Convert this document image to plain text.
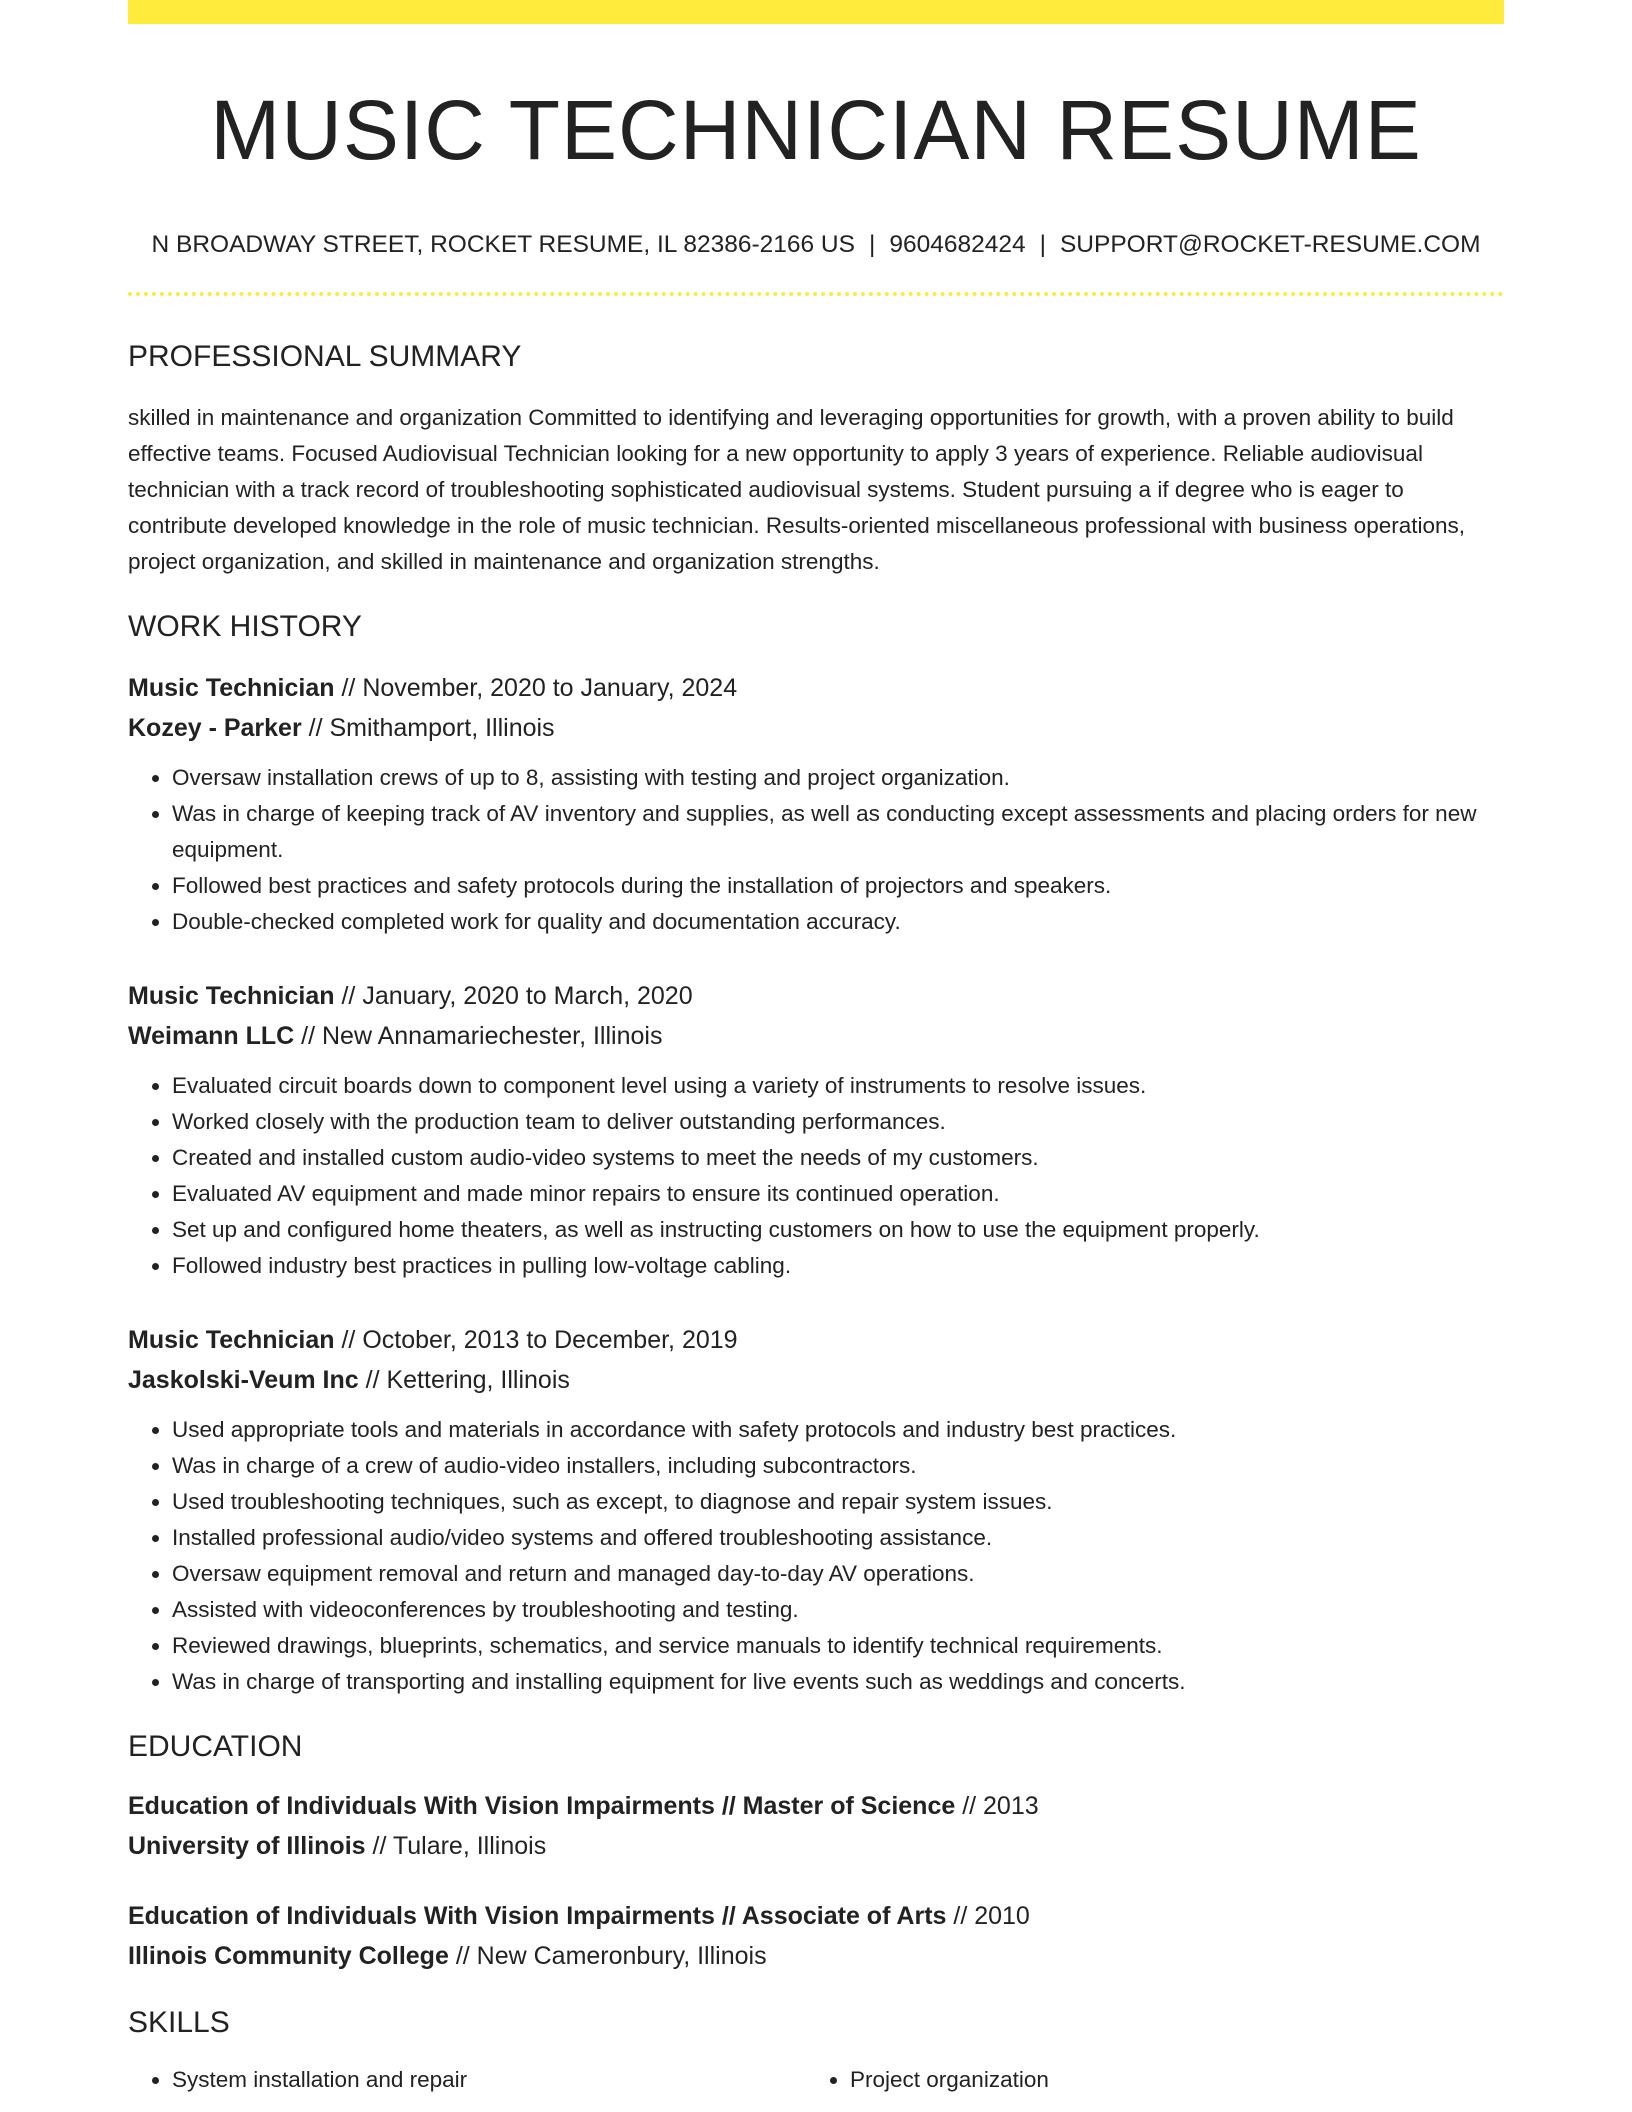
MUSIC TECHNICIAN RESUME
N BROADWAY STREET, ROCKET RESUME, IL 82386-2166 US | 9604682424 | SUPPORT@ROCKET-RESUME.COM
PROFESSIONAL SUMMARY
skilled in maintenance and organization Committed to identifying and leveraging opportunities for growth, with a proven ability to build effective teams. Focused Audiovisual Technician looking for a new opportunity to apply 3 years of experience. Reliable audiovisual technician with a track record of troubleshooting sophisticated audiovisual systems. Student pursuing a if degree who is eager to contribute developed knowledge in the role of music technician. Results-oriented miscellaneous professional with business operations, project organization, and skilled in maintenance and organization strengths.
WORK HISTORY
Music Technician // November, 2020 to January, 2024
Kozey - Parker // Smithamport, Illinois
• Oversaw installation crews of up to 8, assisting with testing and project organization.
• Was in charge of keeping track of AV inventory and supplies, as well as conducting except assessments and placing orders for new equipment.
• Followed best practices and safety protocols during the installation of projectors and speakers.
• Double-checked completed work for quality and documentation accuracy.
Music Technician // January, 2020 to March, 2020
Weimann LLC // New Annamariechester, Illinois
• Evaluated circuit boards down to component level using a variety of instruments to resolve issues.
• Worked closely with the production team to deliver outstanding performances.
• Created and installed custom audio-video systems to meet the needs of my customers.
• Evaluated AV equipment and made minor repairs to ensure its continued operation.
• Set up and configured home theaters, as well as instructing customers on how to use the equipment properly.
• Followed industry best practices in pulling low-voltage cabling.
Music Technician // October, 2013 to December, 2019
Jaskolski-Veum Inc // Kettering, Illinois
• Used appropriate tools and materials in accordance with safety protocols and industry best practices.
• Was in charge of a crew of audio-video installers, including subcontractors.
• Used troubleshooting techniques, such as except, to diagnose and repair system issues.
• Installed professional audio/video systems and offered troubleshooting assistance.
• Oversaw equipment removal and return and managed day-to-day AV operations.
• Assisted with videoconferences by troubleshooting and testing.
• Reviewed drawings, blueprints, schematics, and service manuals to identify technical requirements.
• Was in charge of transporting and installing equipment for live events such as weddings and concerts.
EDUCATION
Education of Individuals With Vision Impairments // Master of Science // 2013
University of Illinois // Tulare, Illinois
Education of Individuals With Vision Impairments // Associate of Arts // 2010
Illinois Community College // New Cameronbury, Illinois
SKILLS
• System installation and repair
•	Project organization
